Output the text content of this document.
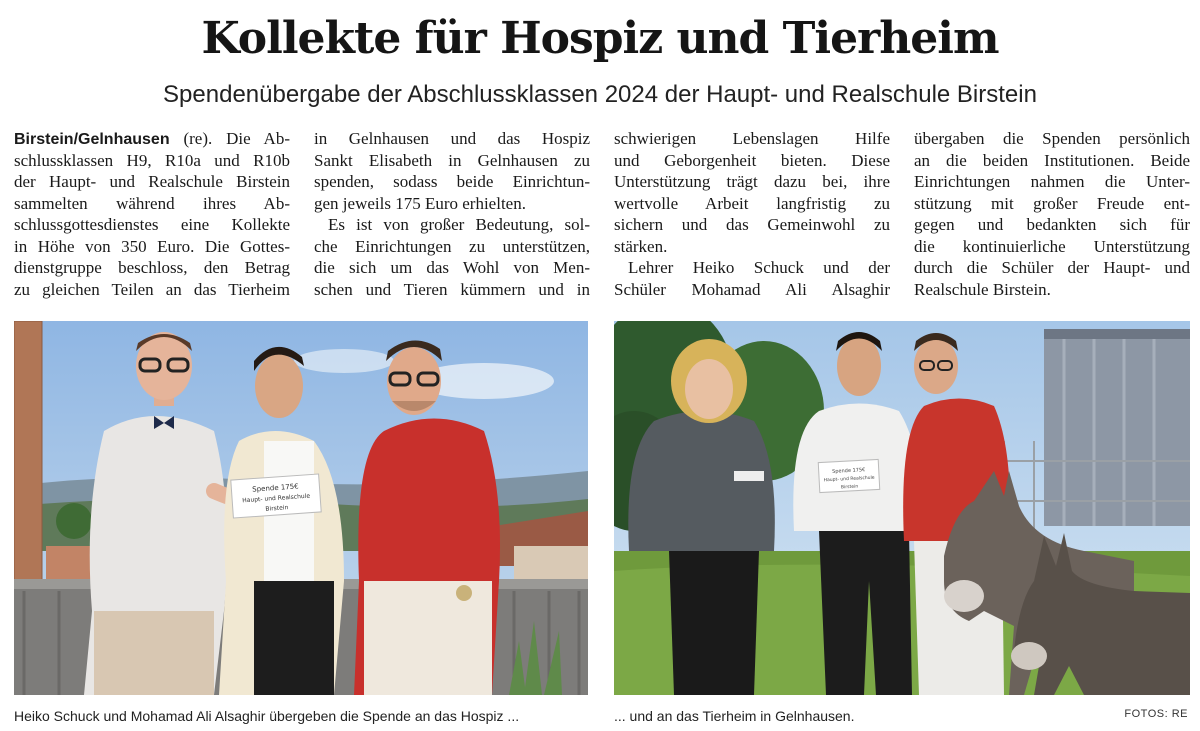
Kollekte für Hospiz und Tierheim
Spendenübergabe der Abschlussklassen 2024 der Haupt- und Realschule Birstein
Birstein/Gelnhausen (re). Die Ab-
schlussklassen H9, R10a und R10b
der Haupt- und Realschule Birstein
sammelten während ihres Ab-
schlussgottesdienstes eine Kollekte
in Höhe von 350 Euro. Die Gottes-
dienstgruppe beschloss, den Betrag
zu gleichen Teilen an das Tierheim
in Gelnhausen und das Hospiz
Sankt Elisabeth in Gelnhausen zu
spenden, sodass beide Einrichtun-
gen jeweils 175 Euro erhielten.
Es ist von großer Bedeutung, sol-
che Einrichtungen zu unterstützen,
die sich um das Wohl von Men-
schen und Tieren kümmern und in
schwierigen Lebenslagen Hilfe
und Geborgenheit bieten. Diese
Unterstützung trägt dazu bei, ihre
wertvolle Arbeit langfristig zu
sichern und das Gemeinwohl zu
stärken.
Lehrer Heiko Schuck und der
Schüler Mohamad Ali Alsaghir
übergaben die Spenden persönlich
an die beiden Institutionen. Beide
Einrichtungen nahmen die Unter-
stützung mit großer Freude ent-
gegen und bedankten sich für
die kontinuierliche Unterstützung
durch die Schüler der Haupt- und
Realschule Birstein.
Spende 175€
Haupt- und Realschule
Birstein
Spende 175€
Haupt- und Realschule
Birstein
Heiko Schuck und Mohamad Ali Alsaghir übergeben die Spende an das Hospiz ...	... und an das Tierheim in Gelnhausen.	FOTOS: RE
